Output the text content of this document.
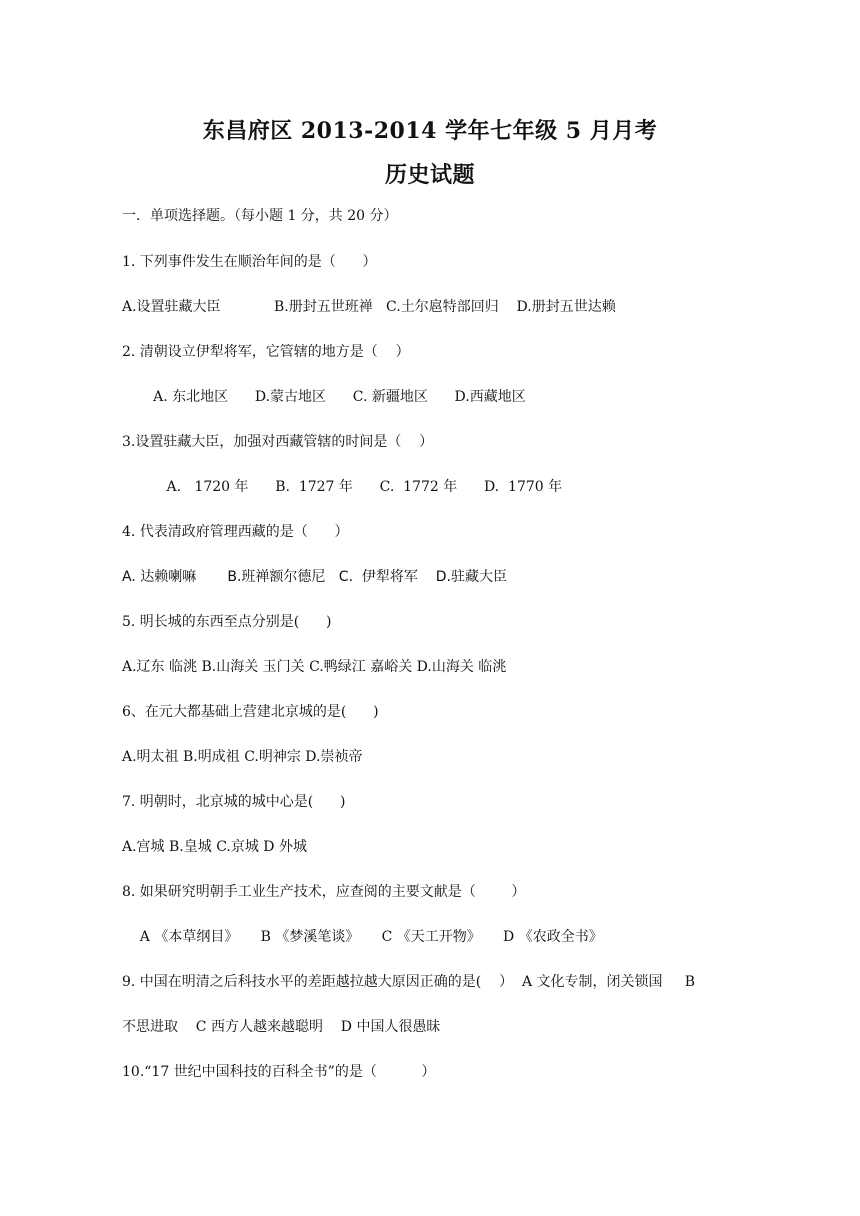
东昌府区 2013-2014 学年七年级 5 月月考
历史试题
一．单项选择题。（每小题 1 分，共 20 分）
1. 下列事件发生在顺治年间的是（      ）
A.设置驻藏大臣            B.册封五世班禅   C.土尔扈特部回归    D.册封五世达赖
2. 清朝设立伊犁将军，它管辖的地方是（    ）
A. 东北地区      D.蒙古地区      C. 新疆地区      D.西藏地区
3.设置驻藏大臣，加强对西藏管辖的时间是（    ）
A.   1720 年      B.  1727 年      C.  1772 年      D.  1770 年
4. 代表清政府管理西藏的是（      ）
A. 达赖喇嘛       B.班禅额尔德尼   C.  伊犁将军    D.驻藏大臣
5. 明长城的东西至点分别是(      )
A.辽东 临洮 B.山海关 玉门关 C.鸭绿江 嘉峪关 D.山海关 临洮
6、在元大都基础上营建北京城的是(      )
A.明太祖 B.明成祖 C.明神宗 D.崇祯帝
7. 明朝时，北京城的城中心是(      )
A.宫城 B.皇城 C.京城 D 外城
8. 如果研究明朝手工业生产技术，应查阅的主要文献是（        ）
A 《本草纲目》     B 《梦溪笔谈》     C 《天工开物》     D 《农政全书》
9. 中国在明清之后科技水平的差距越拉越大原因正确的是(    ）  A 文化专制，闭关锁国     B
不思进取    C 西方人越来越聪明    D 中国人很愚昧
10.“17 世纪中国科技的百科全书”的是（          ）
